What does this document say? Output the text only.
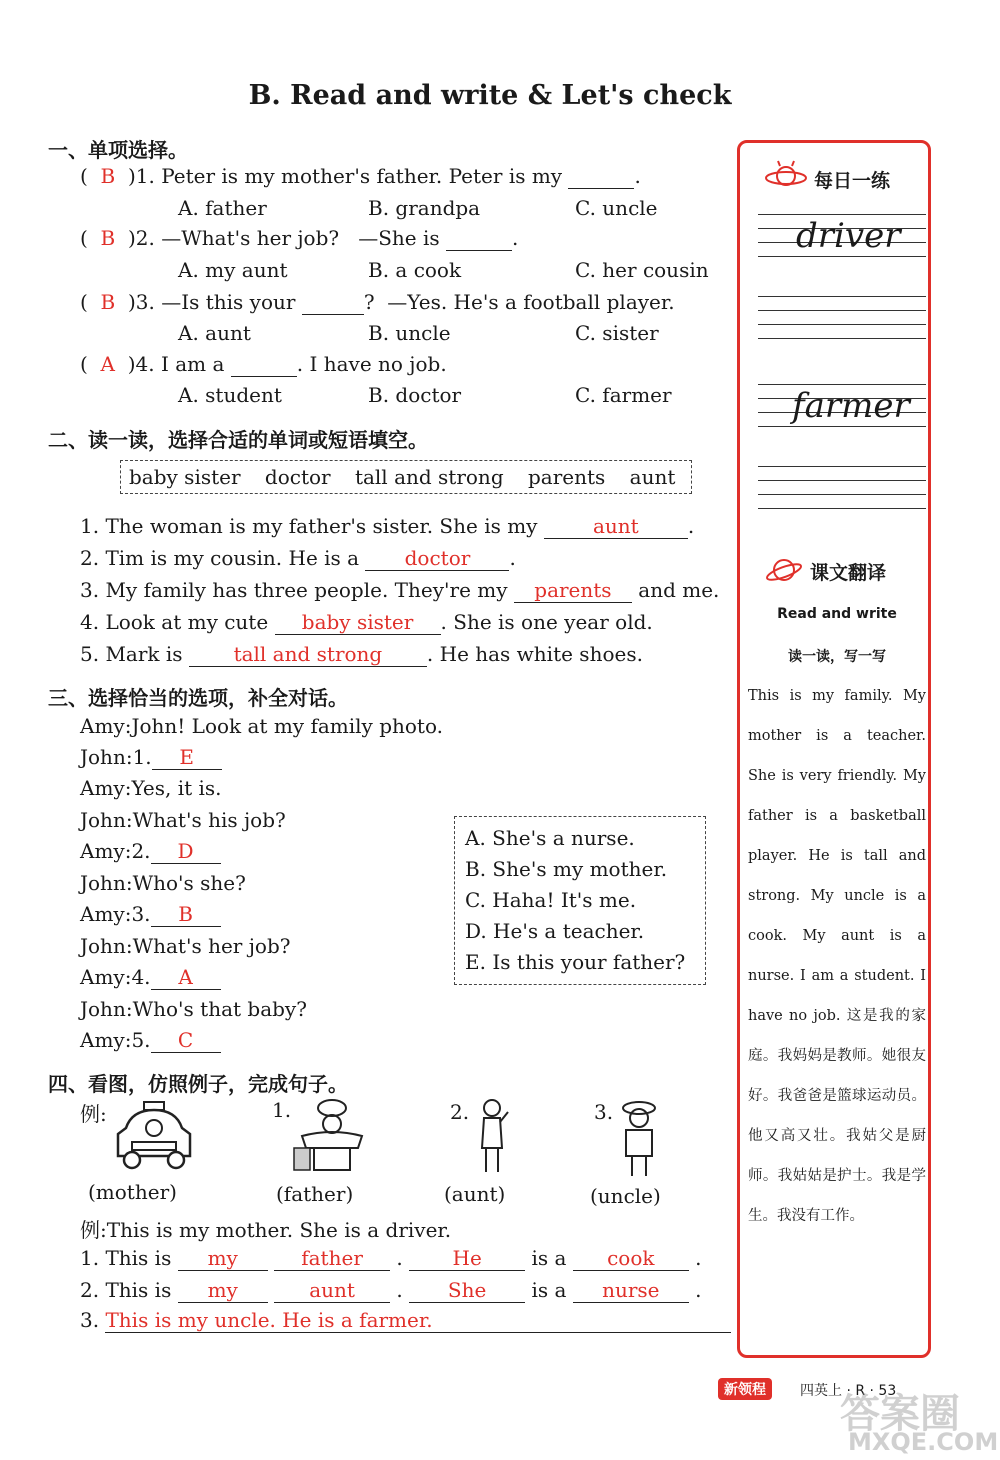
B. Read and write & Let's check
一、单项选择。
(  B  )1. Peter is my mother's father. Peter is my	.
A. father	B. grandpa	C. uncle
(  B  )2. —What's her job? —She is	.
A. my aunt	B. a cook	C. her cousin
(  B  )3. —Is this your	? —Yes. He's a football player.
A. aunt	B. uncle	C. sister
(  A  )4. I am a	. I have no job.
A. student	B. doctor	C. farmer
二、读一读，选择合适的单词或短语填空。
baby sister doctor tall and strong parents aunt
1. The woman is my father's sister. She is my	aunt .
2. Tim is my cousin. He is a doctor .
3. My family has three people. They're my parents and me.
4. Look at my cute baby sister . She is one year old.
5. Mark is	tall and strong . He has white shoes.
三、选择恰当的选项，补全对话。
Amy:John! Look at my family photo.
John:1. E
Amy:Yes, it is.
John:What's his job?
Amy:2. D
John:Who's she?
Amy:3. B
John:What's her job?
Amy:4. A
John:Who's that baby?
Amy:5. C
A. She's a nurse.
B. She's my mother.
C. Haha! It's me.
D. He's a teacher.
E. Is this your father?
四、看图，仿照例子，完成句子。
例:
(mother)
1.
(father)
2.
(aunt)
3.
(uncle)
例:This is my mother. She is a driver.
1. This is my	father . He is a cook .
2. This is my	aunt . She is a nurse .
3. This is my uncle. He is a farmer.
每日一练
driver
farmer
课文翻译
Read and write
读一读，写一写
This is my family. My mother is a teacher. She is very friendly. My father is a basketball player. He is tall and strong. My uncle is a cook. My aunt is a nurse. I am a student. I have no job. 这是我的家庭。我妈妈是教师。她很友好。我爸爸是篮球运动员。他又高又壮。我姑父是厨师。我姑姑是护士。我是学生。我没有工作。
新领程	四英上 · R · 53
答案圈
MXQE.COM
